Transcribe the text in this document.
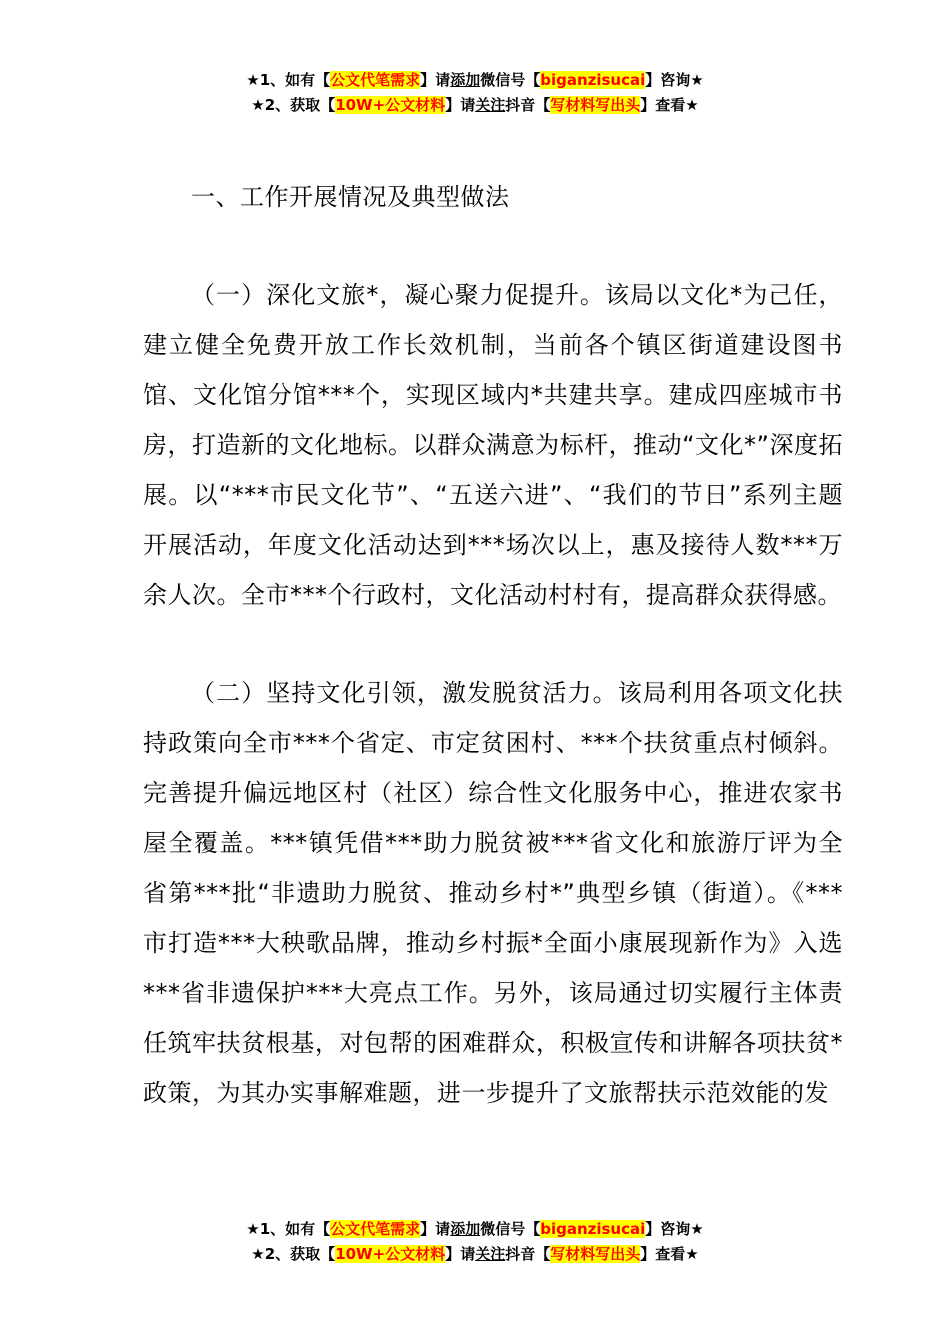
★1、如有【公文代笔需求】请添加微信号【biganzisucai】咨询★
★2、获取【10W+公文材料】请关注抖音【写材料写出头】查看★
一、工作开展情况及典型做法

（一）深化文旅*，凝心聚力促提升。该局以文化*为己任，建立健全免费开放工作长效机制，当前各个镇区街道建设图书馆、文化馆分馆***个，实现区域内*共建共享。建成四座城市书房，打造新的文化地标。以群众满意为标杆，推动“文化*”深度拓展。以“***市民文化节”、“五送六进”、“我们的节日”系列主题开展活动，年度文化活动达到***场次以上，惠及接待人数***万余人次。全市***个行政村，文化活动村村有，提高群众获得感。

（二）坚持文化引领，激发脱贫活力。该局利用各项文化扶持政策向全市***个省定、市定贫困村、***个扶贫重点村倾斜。完善提升偏远地区村（社区）综合性文化服务中心，推进农家书屋全覆盖。***镇凭借***助力脱贫被***省文化和旅游厅评为全省第***批“非遗助力脱贫、推动乡村*”典型乡镇（街道）。《***市打造***大秧歌品牌，推动乡村振*全面小康展现新作为》入选***省非遗保护***大亮点工作。另外，该局通过切实履行主体责任筑牢扶贫根基，对包帮的困难群众，积极宣传和讲解各项扶贫*政策，为其办实事解难题，进一步提升了文旅帮扶示范效能的发

★1、如有【公文代笔需求】请添加微信号【biganzisucai】咨询★
★2、获取【10W+公文材料】请关注抖音【写材料写出头】查看★
